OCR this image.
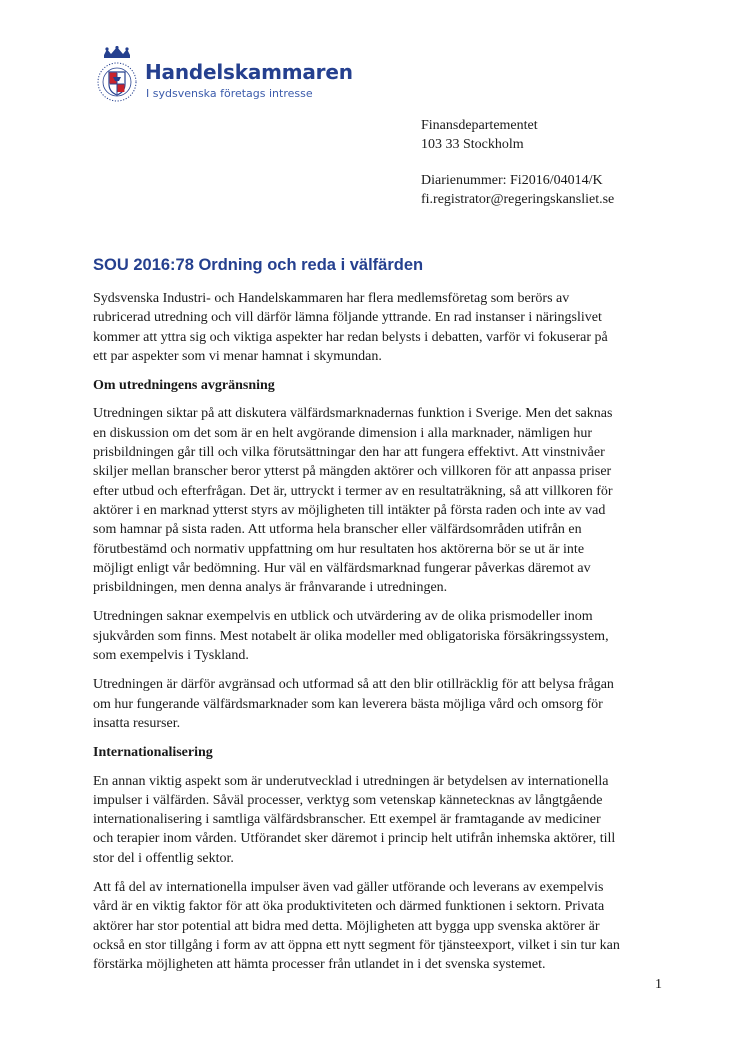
Handelskammaren
I sydsvenska företags intresse
Finansdepartementet
103 33 Stockholm
Diarienummer: Fi2016/04014/K
fi.registrator@regeringskansliet.se
SOU 2016:78 Ordning och reda i välfärden

Sydsvenska Industri- och Handelskammaren har flera medlemsföretag som berörs av
rubricerad utredning och vill därför lämna följande yttrande. En rad instanser i näringslivet
kommer att yttra sig och viktiga aspekter har redan belysts i debatten, varför vi fokuserar på
ett par aspekter som vi menar hamnat i skymundan.

Om utredningens avgränsning

Utredningen siktar på att diskutera välfärdsmarknadernas funktion i Sverige. Men det saknas
en diskussion om det som är en helt avgörande dimension i alla marknader, nämligen hur
prisbildningen går till och vilka förutsättningar den har att fungera effektivt. Att vinstnivåer
skiljer mellan branscher beror ytterst på mängden aktörer och villkoren för att anpassa priser
efter utbud och efterfrågan. Det är, uttryckt i termer av en resultaträkning, så att villkoren för
aktörer i en marknad ytterst styrs av möjligheten till intäkter på första raden och inte av vad
som hamnar på sista raden. Att utforma hela branscher eller välfärdsområden utifrån en
förutbestämd och normativ uppfattning om hur resultaten hos aktörerna bör se ut är inte
möjligt enligt vår bedömning. Hur väl en välfärdsmarknad fungerar påverkas däremot av
prisbildningen, men denna analys är frånvarande i utredningen.

Utredningen saknar exempelvis en utblick och utvärdering av de olika prismodeller inom
sjukvården som finns. Mest notabelt är olika modeller med obligatoriska försäkringssystem,
som exempelvis i Tyskland.

Utredningen är därför avgränsad och utformad så att den blir otillräcklig för att belysa frågan
om hur fungerande välfärdsmarknader som kan leverera bästa möjliga vård och omsorg för
insatta resurser.

Internationalisering

En annan viktig aspekt som är underutvecklad i utredningen är betydelsen av internationella
impulser i välfärden. Såväl processer, verktyg som vetenskap kännetecknas av långtgående
internationalisering i samtliga välfärdsbranscher. Ett exempel är framtagande av mediciner
och terapier inom vården. Utförandet sker däremot i princip helt utifrån inhemska aktörer, till
stor del i offentlig sektor.

Att få del av internationella impulser även vad gäller utförande och leverans av exempelvis
vård är en viktig faktor för att öka produktiviteten och därmed funktionen i sektorn. Privata
aktörer har stor potential att bidra med detta. Möjligheten att bygga upp svenska aktörer är
också en stor tillgång i form av att öppna ett nytt segment för tjänsteexport, vilket i sin tur kan
förstärka möjligheten att hämta processer från utlandet in i det svenska systemet.

1
